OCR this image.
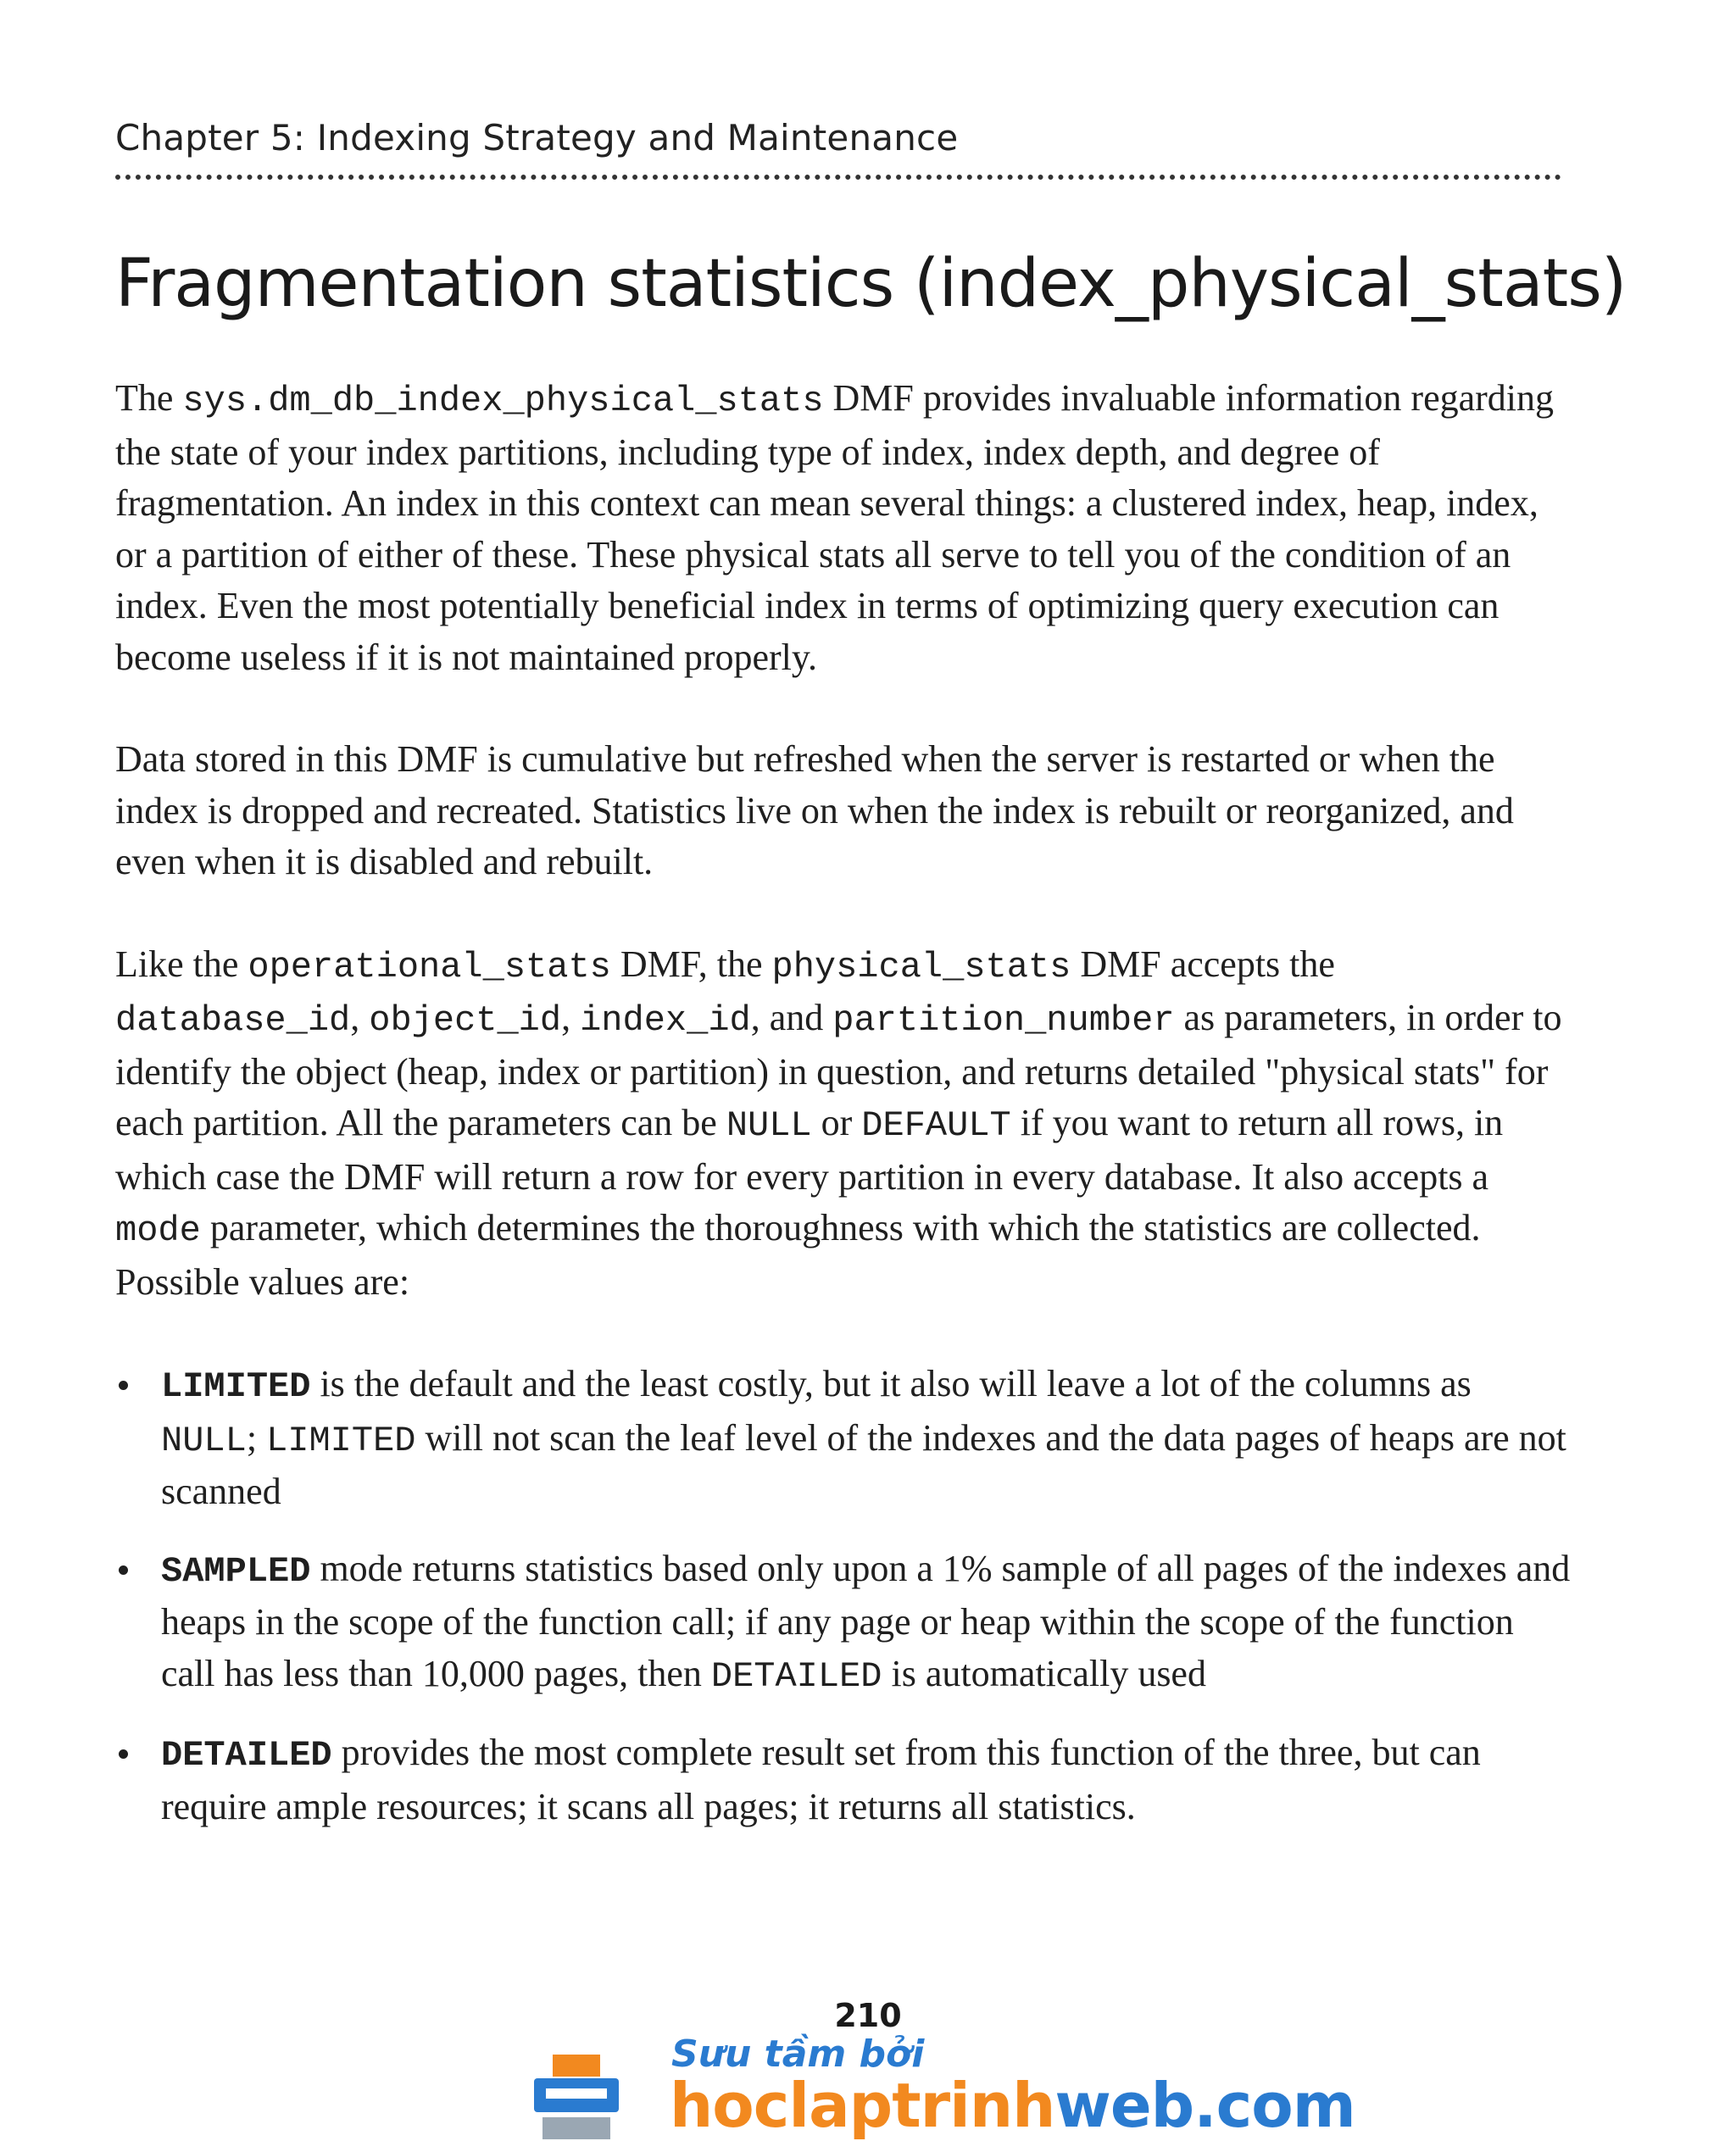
Chapter 5: Indexing Strategy and Maintenance
Fragmentation statistics (index_physical_stats)

The sys.dm_db_index_physical_stats DMF provides invaluable information regarding the state of your index partitions, including type of index, index depth, and degree of fragmentation. An index in this context can mean several things: a clustered index, heap, index, or a partition of either of these. These physical stats all serve to tell you of the condition of an index. Even the most potentially beneficial index in terms of optimizing query execution can become useless if it is not maintained properly.

Data stored in this DMF is cumulative but refreshed when the server is restarted or when the index is dropped and recreated. Statistics live on when the index is rebuilt or reorganized, and even when it is disabled and rebuilt.

Like the operational_stats DMF, the physical_stats DMF accepts the database_id, object_id, index_id, and partition_number as parameters, in order to identify the object (heap, index or partition) in question, and returns detailed "physical stats" for each partition. All the parameters can be NULL or DEFAULT if you want to return all rows, in which case the DMF will return a row for every partition in every database. It also accepts a mode parameter, which determines the thoroughness with which the statistics are collected. Possible values are:

LIMITED is the default and the least costly, but it also will leave a lot of the columns as NULL; LIMITED will not scan the leaf level of the indexes and the data pages of heaps are not scanned
SAMPLED mode returns statistics based only upon a 1% sample of all pages of the indexes and heaps in the scope of the function call; if any page or heap within the scope of the function call has less than 10,000 pages, then DETAILED is automatically used
DETAILED provides the most complete result set from this function of the three, but can require ample resources; it scans all pages; it returns all statistics.
210
Sưu tầm bởi
hoclaptrinhweb.com
